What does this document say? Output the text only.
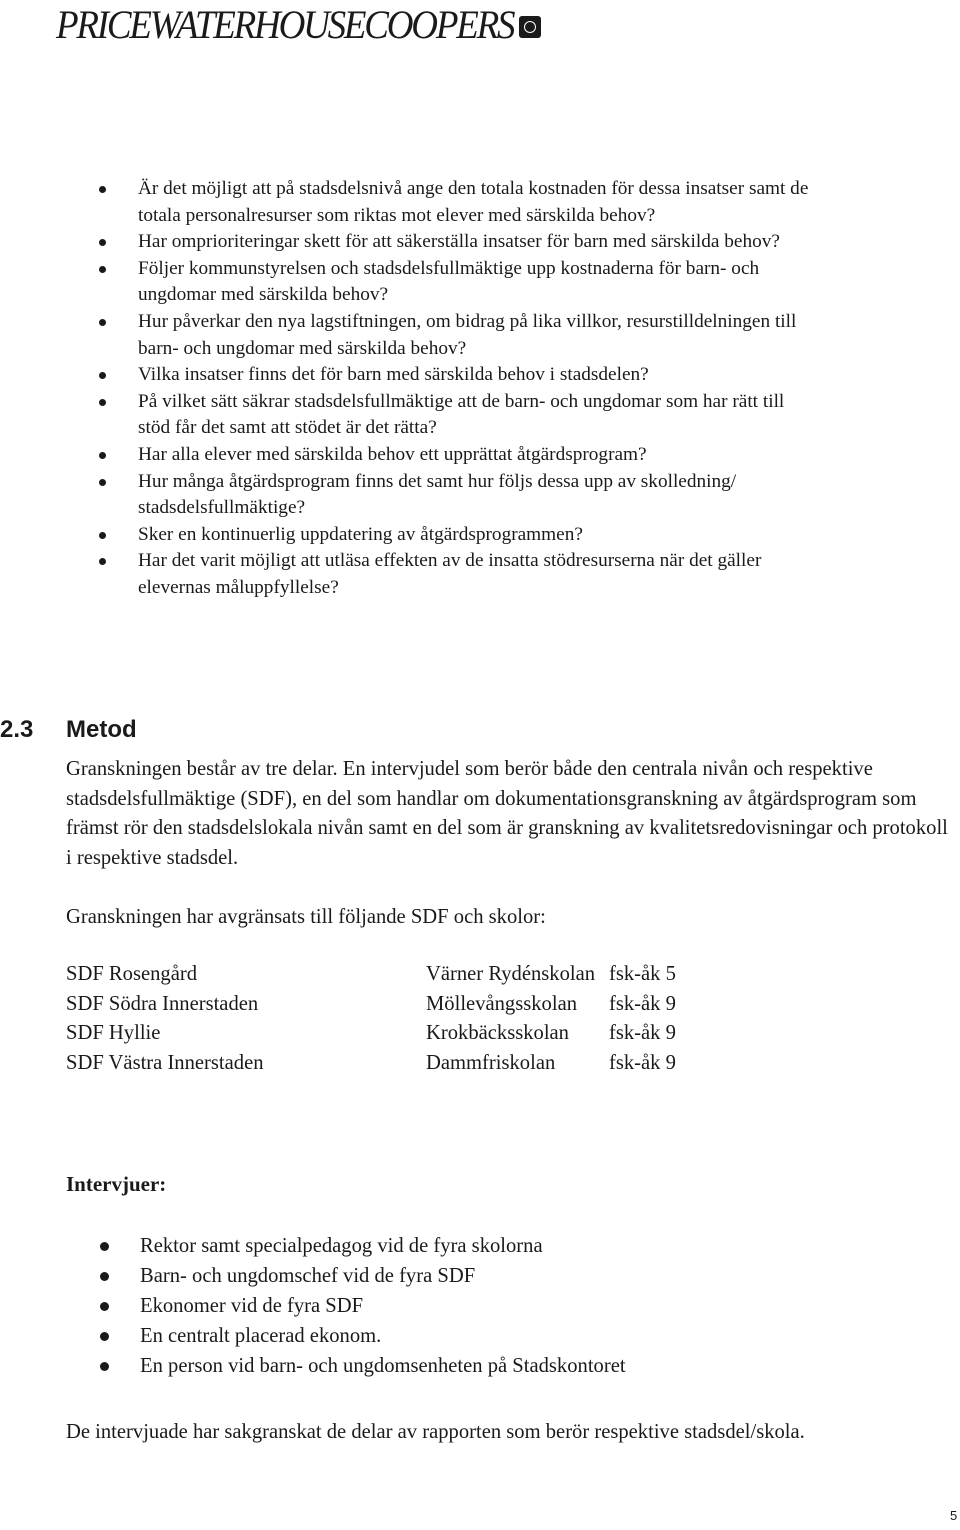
PRICEWATERHOUSECOOPERS
Är det möjligt att på stadsdelsnivå ange den totala kostnaden för dessa insatser samt de totala personalresurser som riktas mot elever med särskilda behov?
Har omprioriteringar skett för att säkerställa insatser för barn med särskilda behov?
Följer kommunstyrelsen och stadsdelsfullmäktige upp kostnaderna för barn- och ungdomar med särskilda behov?
Hur påverkar den nya lagstiftningen, om bidrag på lika villkor, resurstilldelningen till barn- och ungdomar med särskilda behov?
Vilka insatser finns det för barn med särskilda behov i stadsdelen?
På vilket sätt säkrar stadsdelsfullmäktige att de barn- och ungdomar som har rätt till stöd får det samt att stödet är det rätta?
Har alla elever med särskilda behov ett upprättat åtgärdsprogram?
Hur många åtgärdsprogram finns det samt hur följs dessa upp av skolledning/ stadsdelsfullmäktige?
Sker en kontinuerlig uppdatering av åtgärdsprogrammen?
Har det varit möjligt att utläsa effekten av de insatta stödresurserna när det gäller elevernas måluppfyllelse?
2.3	Metod

Granskningen består av tre delar. En intervjudel som berör både den centrala nivån och respektive stadsdelsfullmäktige (SDF), en del som handlar om dokumentationsgranskning av åtgärdsprogram som främst rör den stadsdelslokala nivån samt en del som är granskning av kvalitetsredovisningar och protokoll i respektive stadsdel.

Granskningen har avgränsats till följande SDF och skolor:

SDF Rosengård	Värner Rydénskolan	fsk-åk 5
SDF Södra Innerstaden	Möllevångsskolan	fsk-åk 9
SDF Hyllie	Krokbäcksskolan	fsk-åk 9
SDF Västra Innerstaden	Dammfriskolan	fsk-åk 9
Intervjuer:
Rektor samt specialpedagog vid de fyra skolorna
Barn- och ungdomschef vid de fyra SDF
Ekonomer vid de fyra SDF
En centralt placerad ekonom.
En person vid barn- och ungdomsenheten på Stadskontoret

De intervjuade har sakgranskat de delar av rapporten som berör respektive stadsdel/skola.

5
